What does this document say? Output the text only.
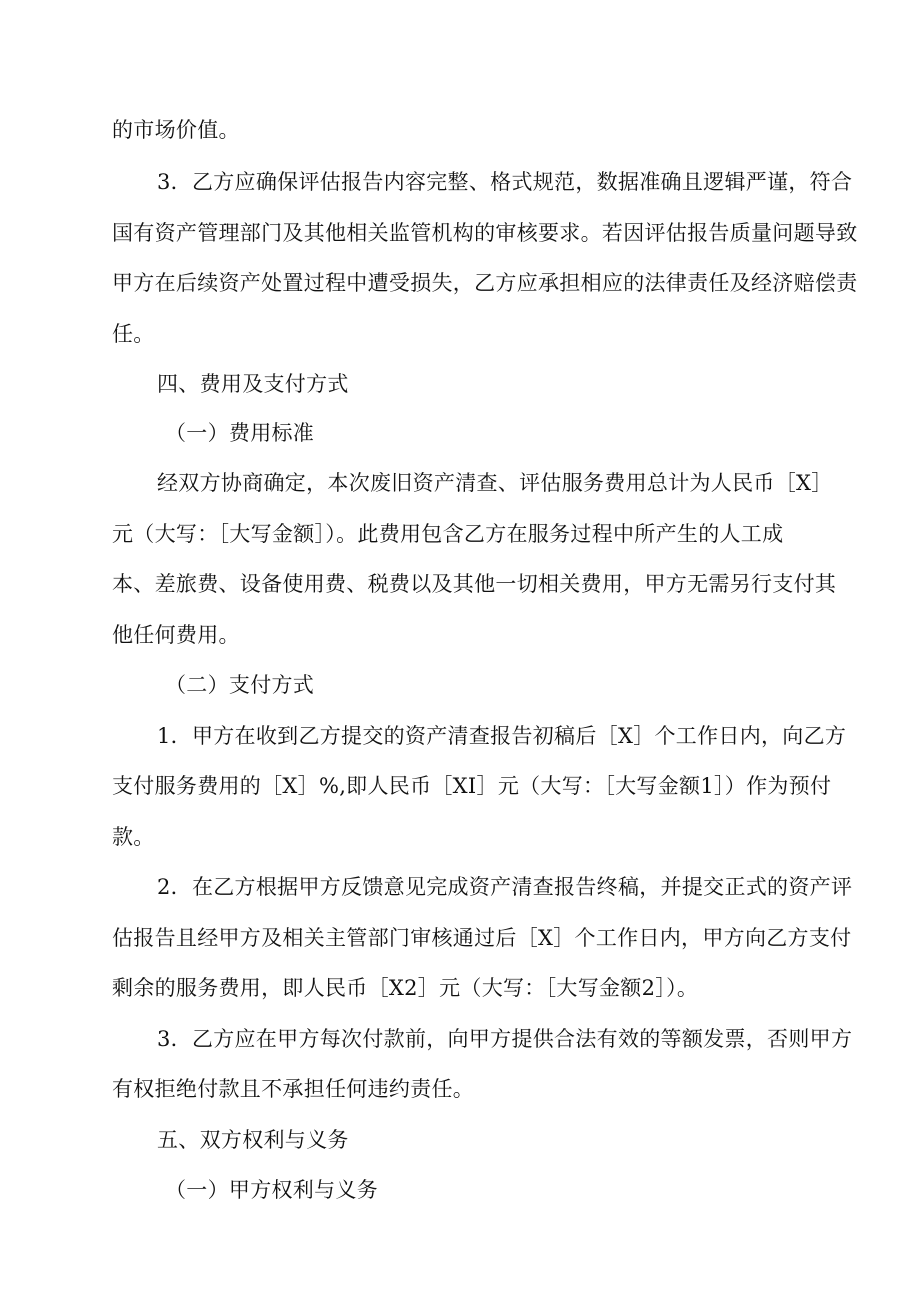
的市场价值。
3．乙方应确保评估报告内容完整、格式规范，数据准确且逻辑严谨，符合
国有资产管理部门及其他相关监管机构的审核要求。若因评估报告质量问题导致
甲方在后续资产处置过程中遭受损失，乙方应承担相应的法律责任及经济赔偿责
任。
四、费用及支付方式
（一）费用标准
经双方协商确定，本次废旧资产清查、评估服务费用总计为人民币［X］
元（大写：［大写金额］）。此费用包含乙方在服务过程中所产生的人工成
本、差旅费、设备使用费、税费以及其他一切相关费用，甲方无需另行支付其
他任何费用。
（二）支付方式
1．甲方在收到乙方提交的资产清查报告初稿后［X］个工作日内，向乙方
支付服务费用的［X］%,即人民币［XI］元（大写：［大写金额1］）作为预付
款。
2．在乙方根据甲方反馈意见完成资产清查报告终稿，并提交正式的资产评
估报告且经甲方及相关主管部门审核通过后［X］个工作日内，甲方向乙方支付
剩余的服务费用，即人民币［X2］元（大写：［大写金额2］）。
3．乙方应在甲方每次付款前，向甲方提供合法有效的等额发票，否则甲方
有权拒绝付款且不承担任何违约责任。
五、双方权利与义务
（一）甲方权利与义务
